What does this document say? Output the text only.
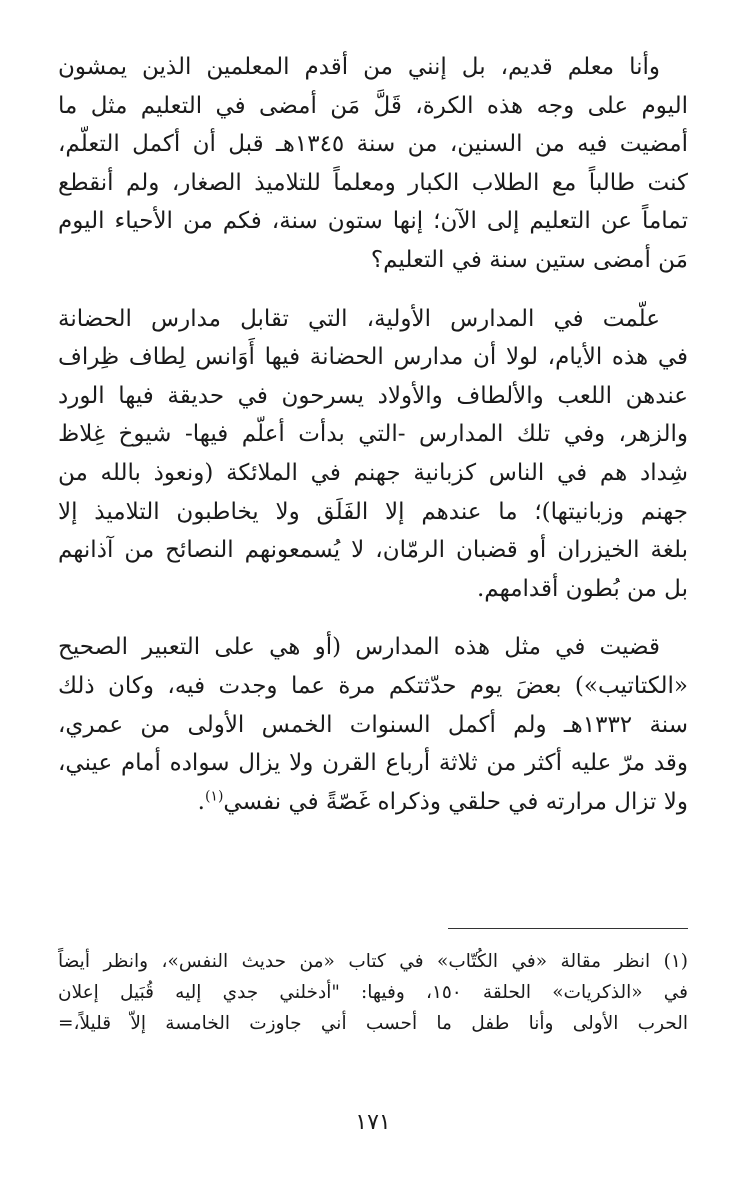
وأنا معلم قديم، بل إنني من أقدم المعلمين الذين يمشون
اليوم على وجه هذه الكرة، قَلَّ مَن أمضى في التعليم مثل ما
أمضيت فيه من السنين، من سنة ١٣٤٥هـ قبل أن أكمل التعلّم،
كنت طالباً مع الطلاب الكبار ومعلماً للتلاميذ الصغار، ولم أنقطع
تماماً عن التعليم إلى الآن؛ إنها ستون سنة، فكم من الأحياء اليوم
مَن أمضى ستين سنة في التعليم؟

علّمت في المدارس الأولية، التي تقابل مدارس الحضانة
في هذه الأيام، لولا أن مدارس الحضانة فيها أَوَانس لِطاف ظِراف
عندهن اللعب والألطاف والأولاد يسرحون في حديقة فيها الورد
والزهر، وفي تلك المدارس -التي بدأت أعلّم فيها- شيوخ غِلاظ
شِداد هم في الناس كزبانية جهنم في الملائكة (ونعوذ بالله من
جهنم وزبانيتها)؛ ما عندهم إلا الفَلَق ولا يخاطبون التلاميذ إلا
بلغة الخيزران أو قضبان الرمّان، لا يُسمعونهم النصائح من آذانهم
بل من بُطون أقدامهم.

قضيت في مثل هذه المدارس (أو هي على التعبير الصحيح
«الكتاتيب») بعضَ يوم حدّثتكم مرة عما وجدت فيه، وكان ذلك
سنة ١٣٣٢هـ ولم أكمل السنوات الخمس الأولى من عمري،
وقد مرّ عليه أكثر من ثلاثة أرباع القرن ولا يزال سواده أمام عيني،
ولا تزال مرارته في حلقي وذكراه غَصّةً في نفسي$^{(١)}$.

(١) انظر مقالة «في الكُتّاب» في كتاب «من حديث النفس»، وانظر أيضاً
في «الذكريات» الحلقة ١٥٠، وفيها: "أدخلني جدي إليه قُبَيل إعلان
الحرب الأولى وأنا طفل ما أحسب أني جاوزت الخامسة إلاّ قليلاً،=
١٧١
